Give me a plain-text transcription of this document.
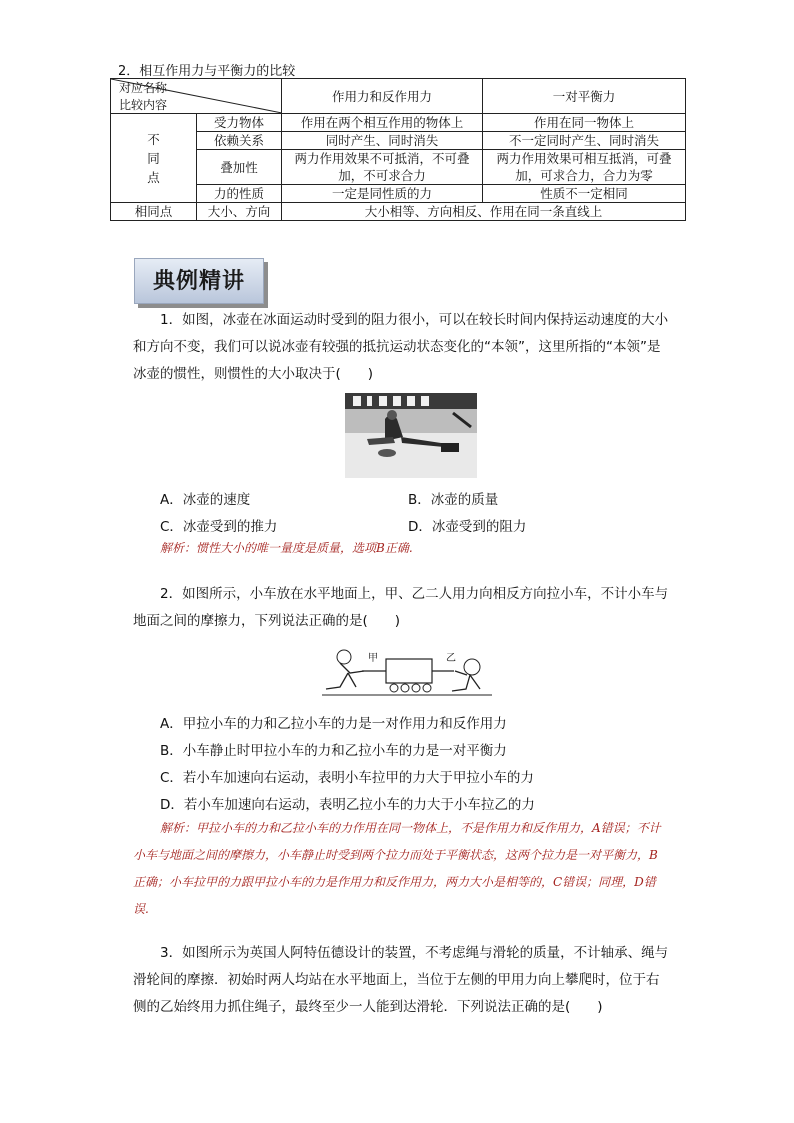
2．相互作用力与平衡力的比较
对应名称
比较内容		作用力和反作用力	一对平衡力
不
同
点	受力物体	作用在两个相互作用的物体上	作用在同一物体上
	依赖关系	同时产生、同时消失	不一定同时产生、同时消失
	叠加性	两力作用效果不可抵消，不可叠加，不可求合力	两力作用效果可相互抵消，可叠加，可求合力，合力为零

	力的性质	一定是同性质的力	性质不一定相同
相同点	大小、方向	大小相等、方向相反、作用在同一条直线上	
典例精讲
1．如图，冰壶在冰面运动时受到的阻力很小，可以在较长时间内保持运动速度的大小和方向不变，我们可以说冰壶有较强的抵抗运动状态变化的“本领”，这里所指的“本领”是冰壶的惯性，则惯性的大小取决于(　　)
A．冰壶的速度	B．冰壶的质量
C．冰壶受到的推力	D．冰壶受到的阻力
解析：惯性大小的唯一量度是质量，选项B正确.
2．如图所示，小车放在水平地面上，甲、乙二人用力向相反方向拉小车，不计小车与地面之间的摩擦力，下列说法正确的是(　　)
甲	乙
A．甲拉小车的力和乙拉小车的力是一对作用力和反作用力
B．小车静止时甲拉小车的力和乙拉小车的力是一对平衡力
C．若小车加速向右运动，表明小车拉甲的力大于甲拉小车的力
D．若小车加速向右运动，表明乙拉小车的力大于小车拉乙的力
解析：甲拉小车的力和乙拉小车的力作用在同一物体上，不是作用力和反作用力，A错误；不计小车与地面之间的摩擦力，小车静止时受到两个拉力而处于平衡状态，这两个拉力是一对平衡力，B正确；小车拉甲的力跟甲拉小车的力是作用力和反作用力，两力大小是相等的，C错误；同理，D错误.
3．如图所示为英国人阿特伍德设计的装置，不考虑绳与滑轮的质量，不计轴承、绳与滑轮间的摩擦．初始时两人均站在水平地面上，当位于左侧的甲用力向上攀爬时，位于右侧的乙始终用力抓住绳子，最终至少一人能到达滑轮．下列说法正确的是(　　)
